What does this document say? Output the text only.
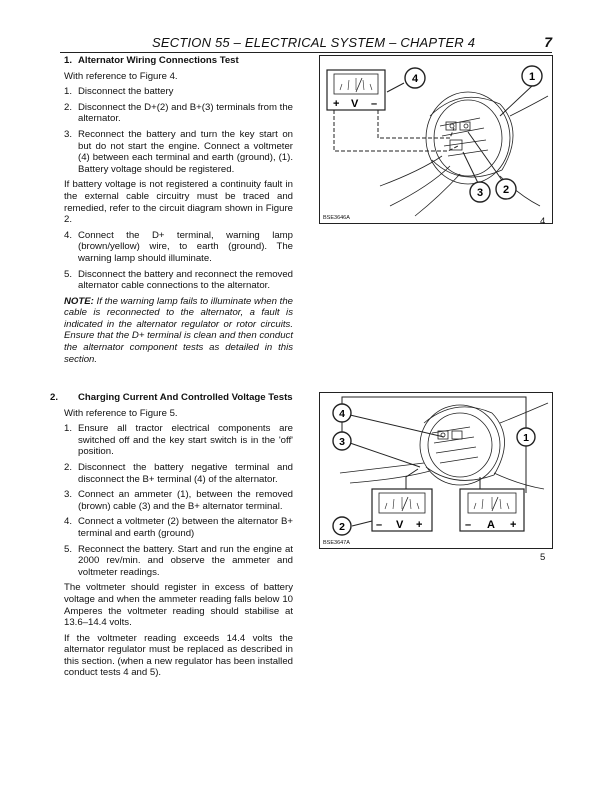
SECTION 55 – ELECTRICAL SYSTEM – CHAPTER 4	7

1. Alternator Wiring Connections Test

With reference to Figure 4.

1. Disconnect the battery
2. Disconnect the D+(2) and B+(3) terminals from the alternator.
3. Reconnect the battery and turn the key start on but do not start the engine. Connect a voltmeter (4) between each terminal and earth (ground), (1). Battery voltage should be registered.

If battery voltage is not registered a continuity fault in the external cable circuitry must be traced and remedied, refer to the circuit diagram shown in Figure 2.

4. Connect the D+ terminal, warning lamp (brown/yellow) wire, to earth (ground). The warning lamp should illuminate.
5. Disconnect the battery and reconnect the removed alternator cable connections to the alternator.

NOTE: If the warning lamp fails to illuminate when the cable is reconnected to the alternator, a fault is indicated in the alternator regulator or rotor circuits. Ensure that the D+ terminal is clean and then conduct the alternator component tests as detailed in this section.

2. Charging Current And Controlled Voltage Tests

With reference to Figure 5.

1. Ensure all tractor electrical components are switched off and the key start switch is in the 'off' position.
2. Disconnect the battery negative terminal and disconnect the B+ terminal (4) of the alternator.
3. Connect an ammeter (1), between the removed (brown) cable (3) and the B+ alternator terminal.
4. Connect a voltmeter (2) between the alternator B+ terminal and earth (ground)
5. Reconnect the battery. Start and run the engine at 2000 rev/min. and observe the ammeter and voltmeter readings.

The voltmeter should register in excess of battery voltage and when the ammeter reading falls below 10 Amperes the voltmeter reading should stabilise at 13.6–14.4 volts.

If the voltmeter reading exceeds 14.4 volts the alternator regulator must be replaced as described in this section. (when a new regulator has been installed conduct tests 4 and 5).

+ V –
4	1
3 2
BSE3646A	4
– V +	– A +
4
3
2
1
BSE3647A
5
